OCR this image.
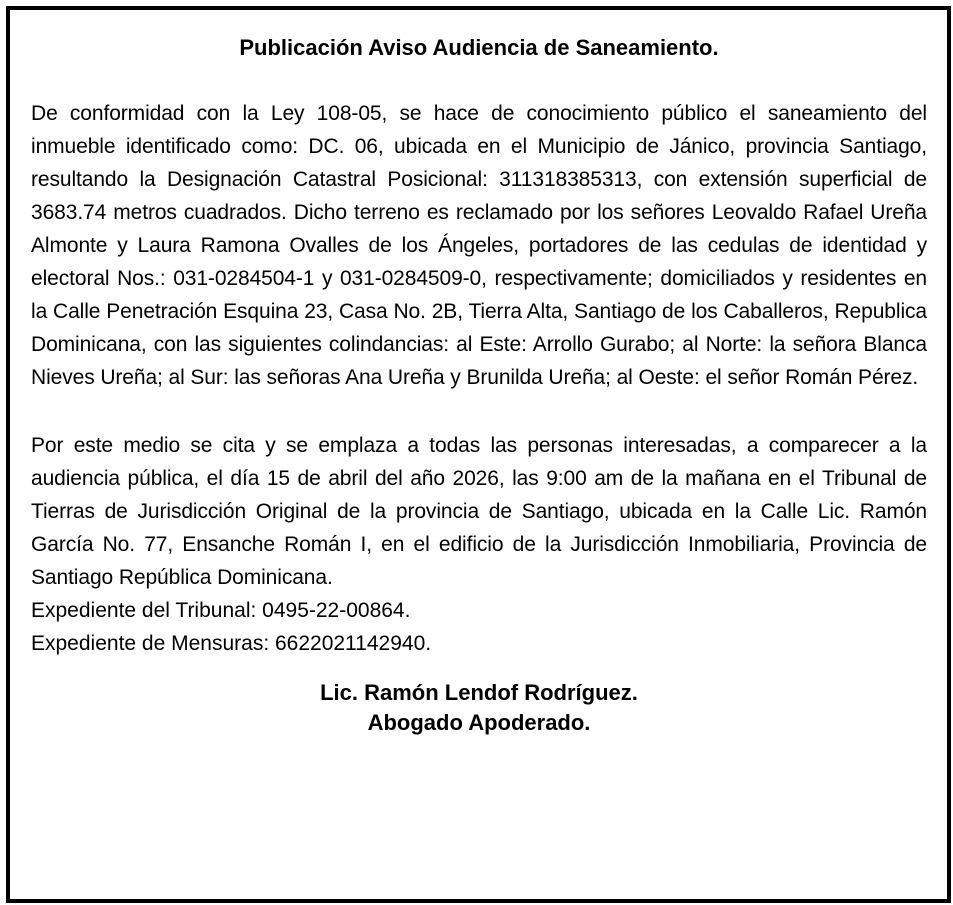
Publicación Aviso Audiencia de Saneamiento.

De conformidad con la Ley 108-05, se hace de conocimiento público el saneamiento del inmueble identificado como: DC. 06, ubicada en el Municipio de Jánico, provincia Santiago, resultando la Designación Catastral Posicional: 311318385313, con extensión superficial de 3683.74 metros cuadrados. Dicho terreno es reclamado por los señores Leovaldo Rafael Ureña Almonte y Laura Ramona Ovalles de los Ángeles, portadores de las cedulas de identidad y electoral Nos.: 031-0284504-1 y 031-0284509-0, respectivamente; domiciliados y residentes en la Calle Penetración Esquina 23, Casa No. 2B, Tierra Alta, Santiago de los Caballeros, Republica Dominicana, con las siguientes colindancias: al Este: Arrollo Gurabo; al Norte: la señora Blanca Nieves Ureña; al Sur: las señoras Ana Ureña y Brunilda Ureña; al Oeste: el señor Román Pérez.

Por este medio se cita y se emplaza a todas las personas interesadas, a comparecer a la audiencia pública, el día 15 de abril del año 2026, las 9:00 am de la mañana en el Tribunal de Tierras de Jurisdicción Original de la provincia de Santiago, ubicada en la Calle Lic. Ramón García No. 77, Ensanche Román I, en el edificio de la Jurisdicción Inmobiliaria, Provincia de Santiago República Dominicana.

Expediente del Tribunal: 0495-22-00864.

Expediente de Mensuras: 6622021142940.

Lic. Ramón Lendof Rodríguez.
Abogado Apoderado.
